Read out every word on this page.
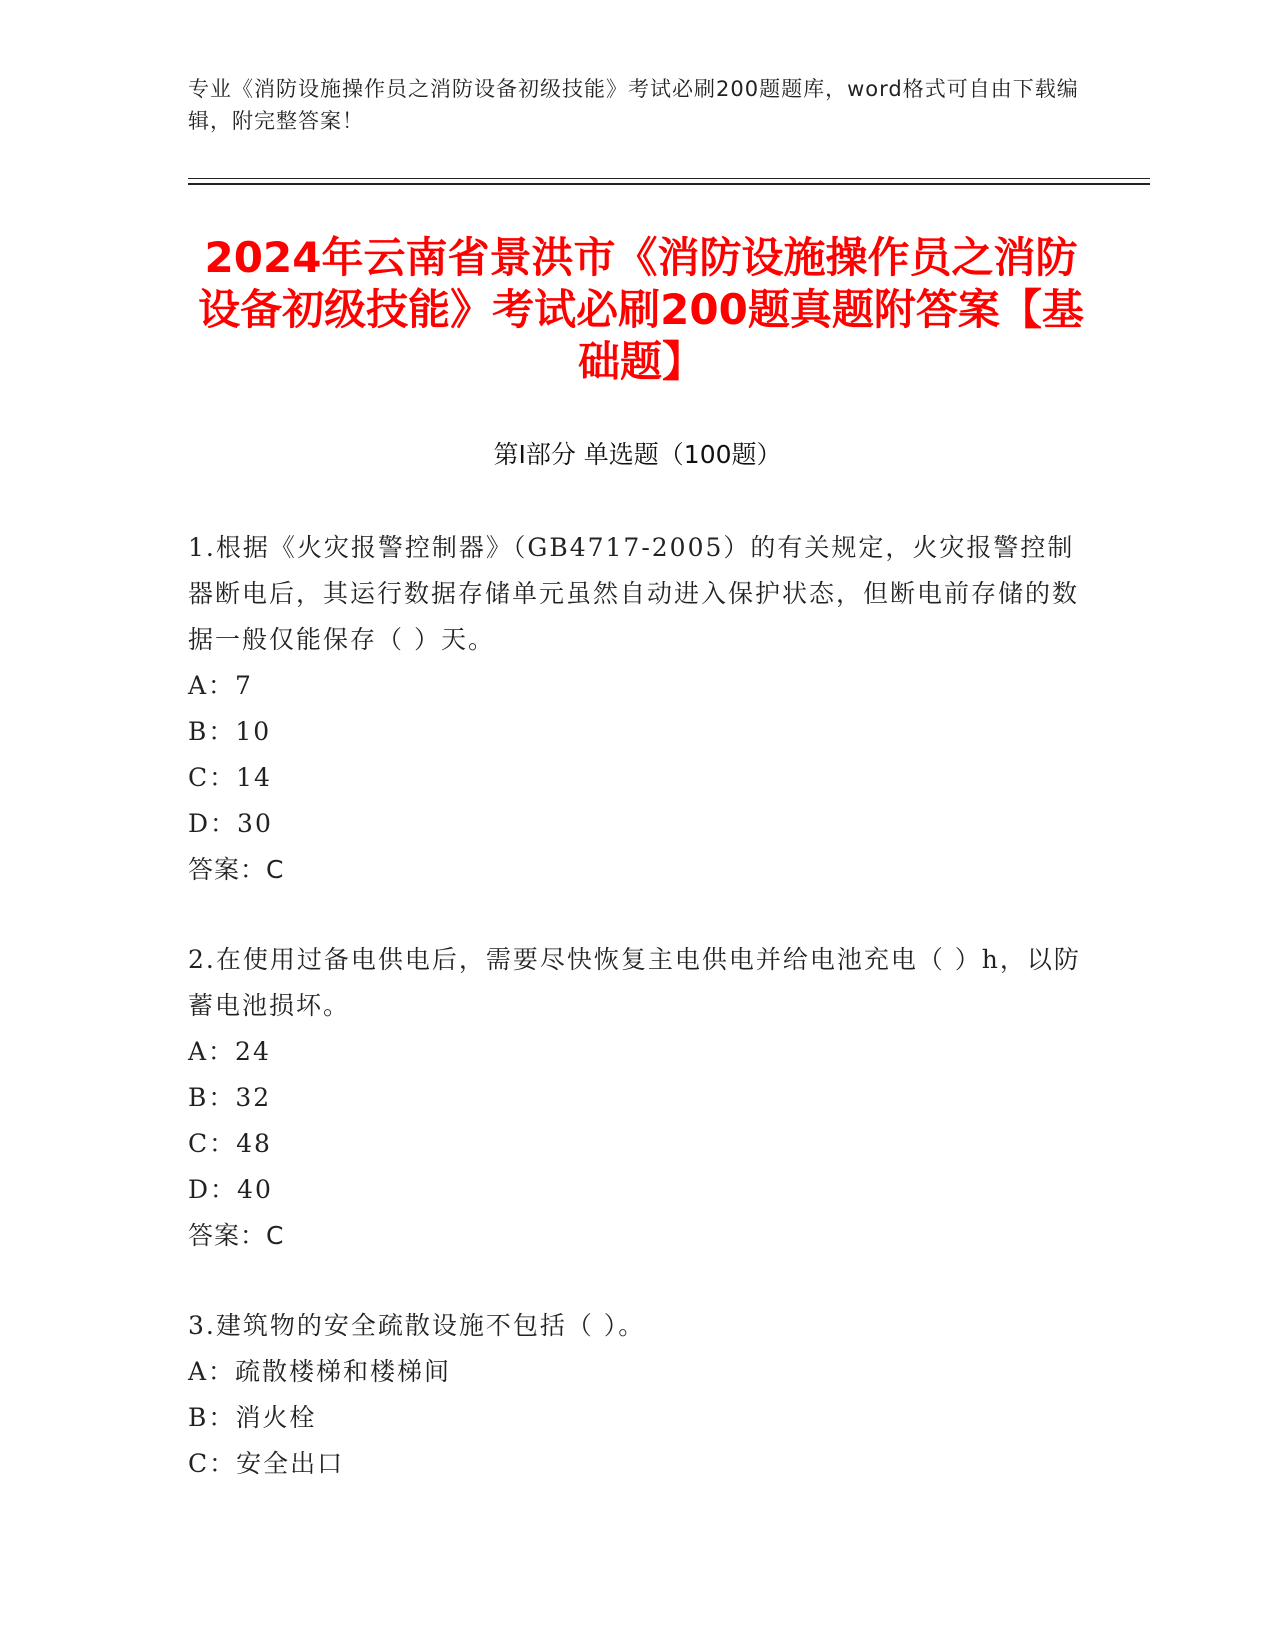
专业《消防设施操作员之消防设备初级技能》考试必刷200题题库，word格式可自由下载编辑，附完整答案！
2024年云南省景洪市《消防设施操作员之消防设备初级技能》考试必刷200题真题附答案【基础题】
第I部分 单选题（100题）
1.根据《火灾报警控制器》（GB4717-2005）的有关规定，火灾报警控制器断电后，其运行数据存储单元虽然自动进入保护状态，但断电前存储的数据一般仅能保存（ ）天。
A：7
B：10
C：14
D：30
答案：C
2.在使用过备电供电后，需要尽快恢复主电供电并给电池充电（ ）h，以防蓄电池损坏。
A：24
B：32
C：48
D：40
答案：C
3.建筑物的安全疏散设施不包括（ ）。
A：疏散楼梯和楼梯间
B：消火栓
C：安全出口
